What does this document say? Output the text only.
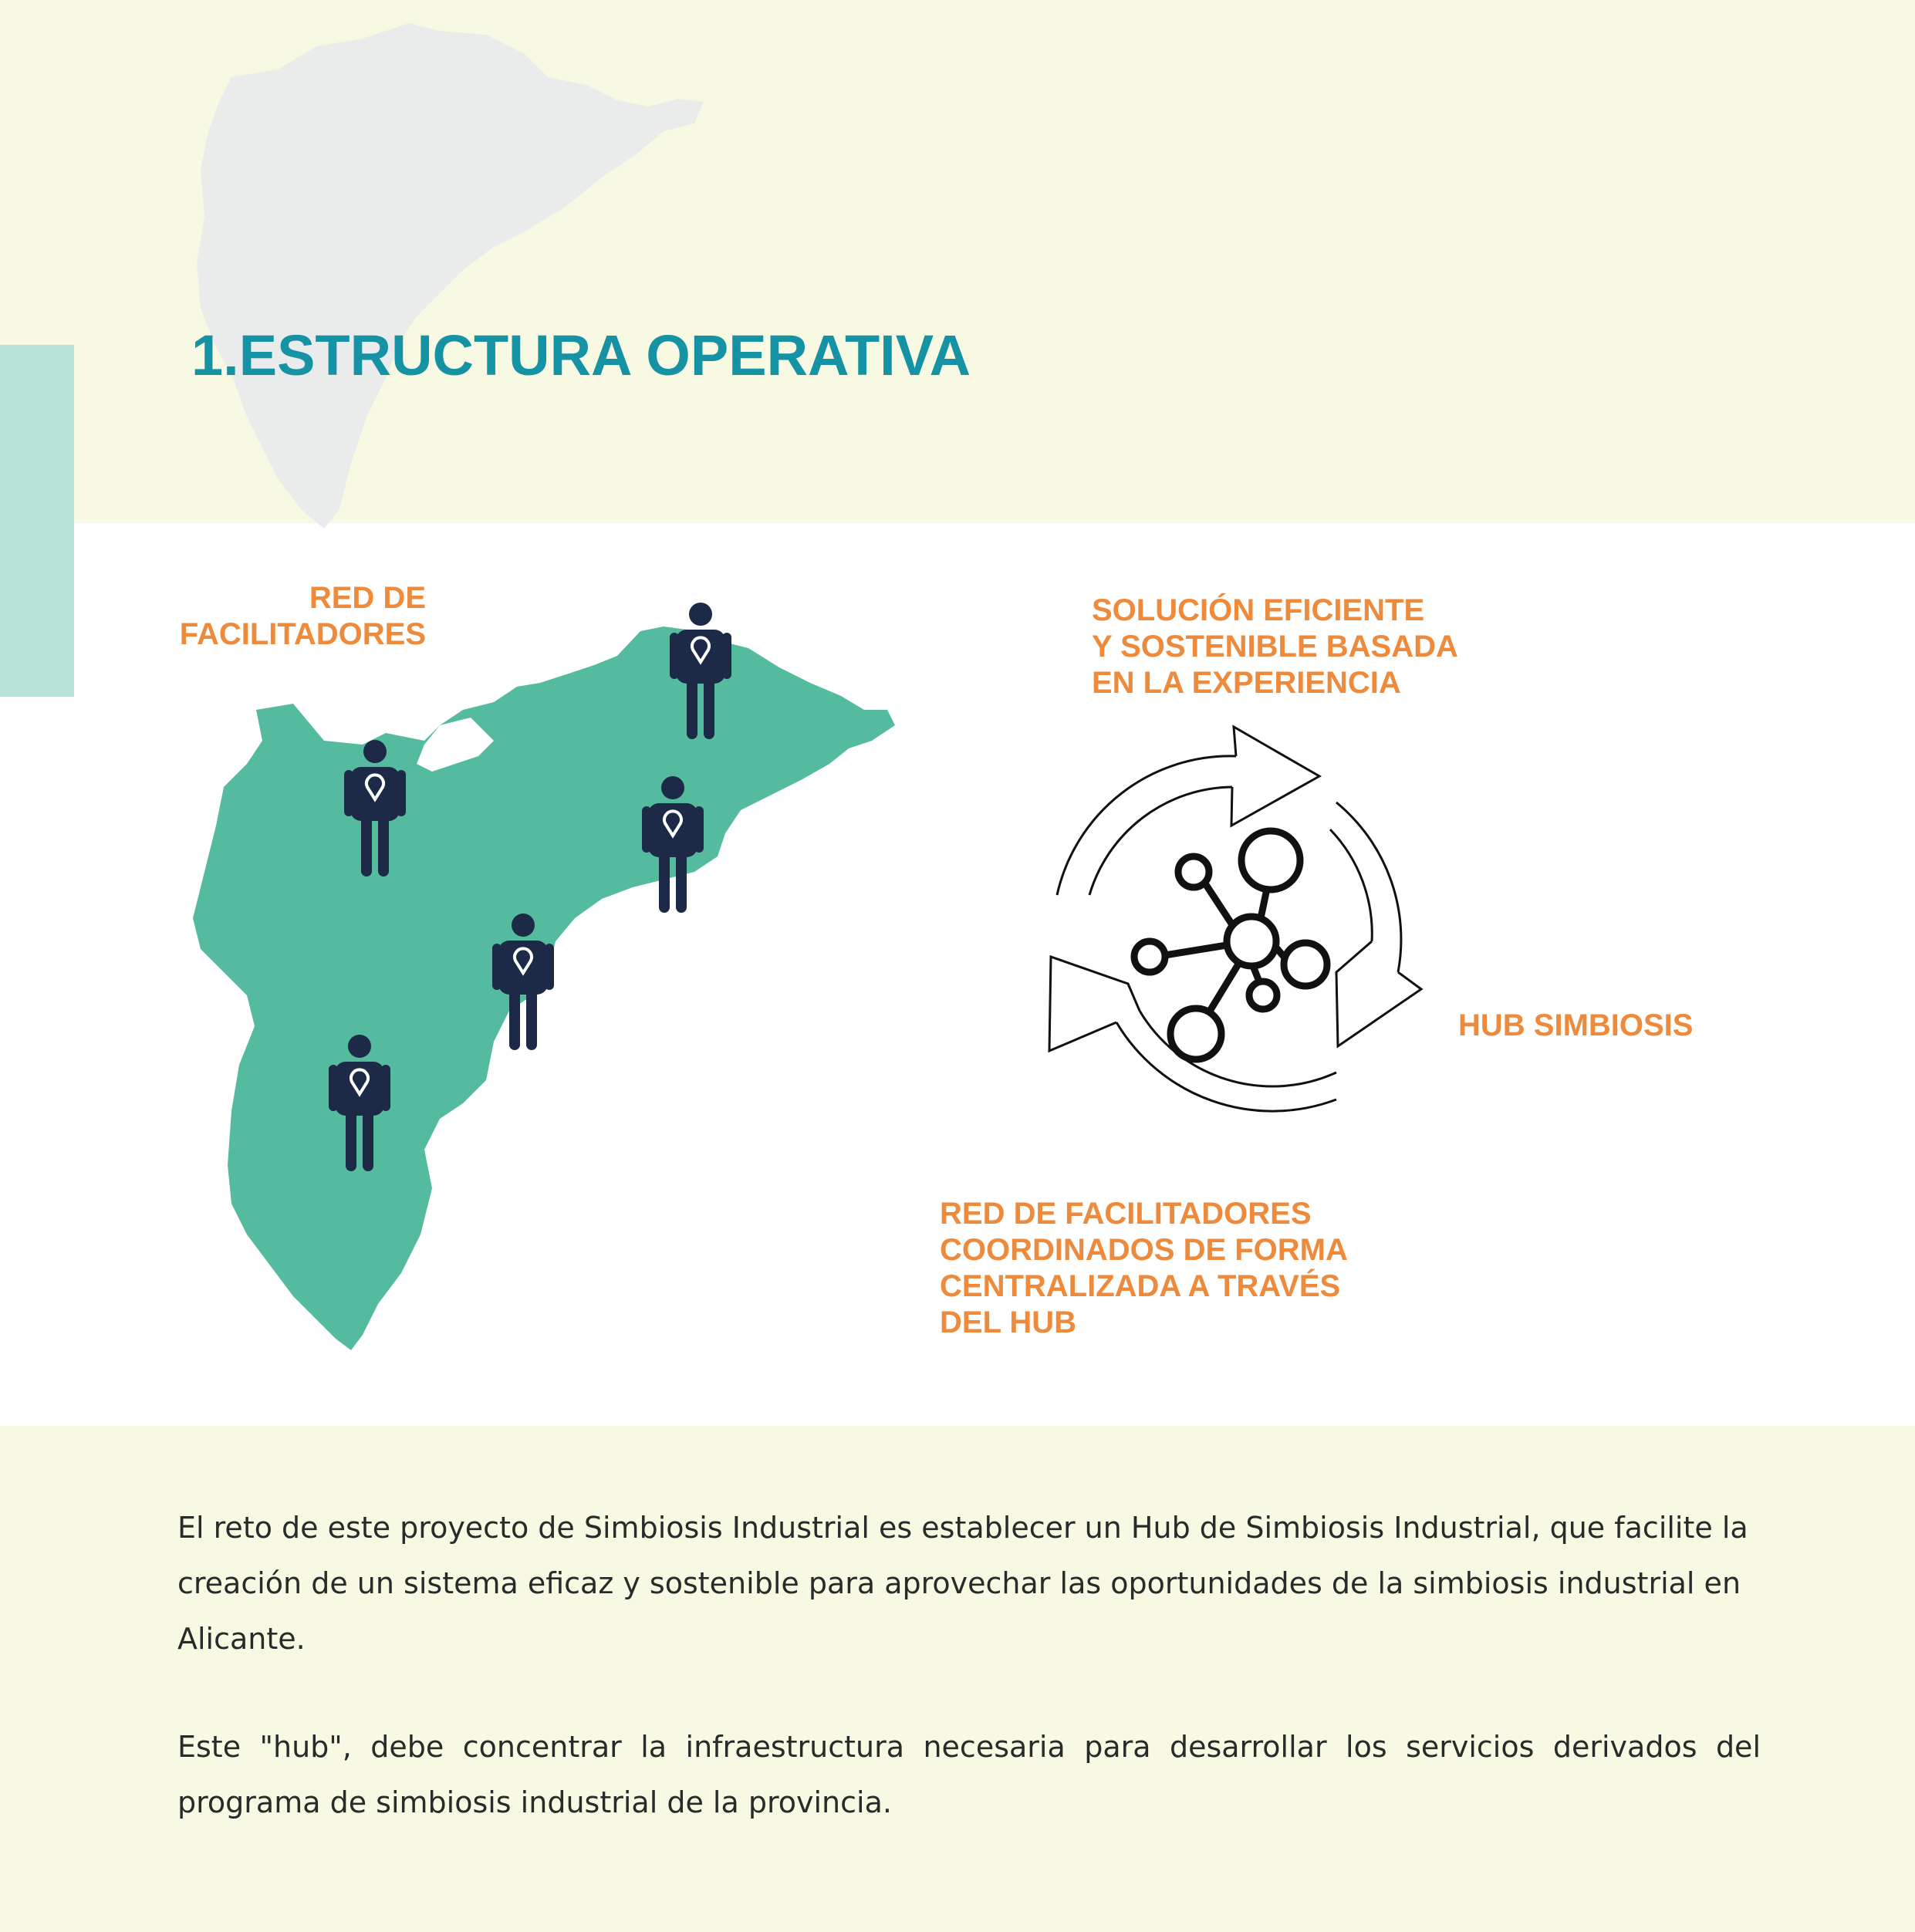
1.ESTRUCTURA OPERATIVA
RED DE
FACILITADORES
SOLUCIÓN EFICIENTE
Y SOSTENIBLE BASADA
EN LA EXPERIENCIA
HUB SIMBIOSIS
RED DE FACILITADORES
COORDINADOS DE FORMA
CENTRALIZADA A TRAVÉS
DEL HUB

El reto de este proyecto de Simbiosis Industrial es establecer un Hub de Simbiosis Industrial, que facilite la creación de un sistema eficaz y sostenible para aprovechar las oportunidades de la simbiosis industrial en Alicante.

Este "hub", debe concentrar la infraestructura necesaria para desarrollar los servicios derivados del programa de simbiosis industrial de la provincia.
